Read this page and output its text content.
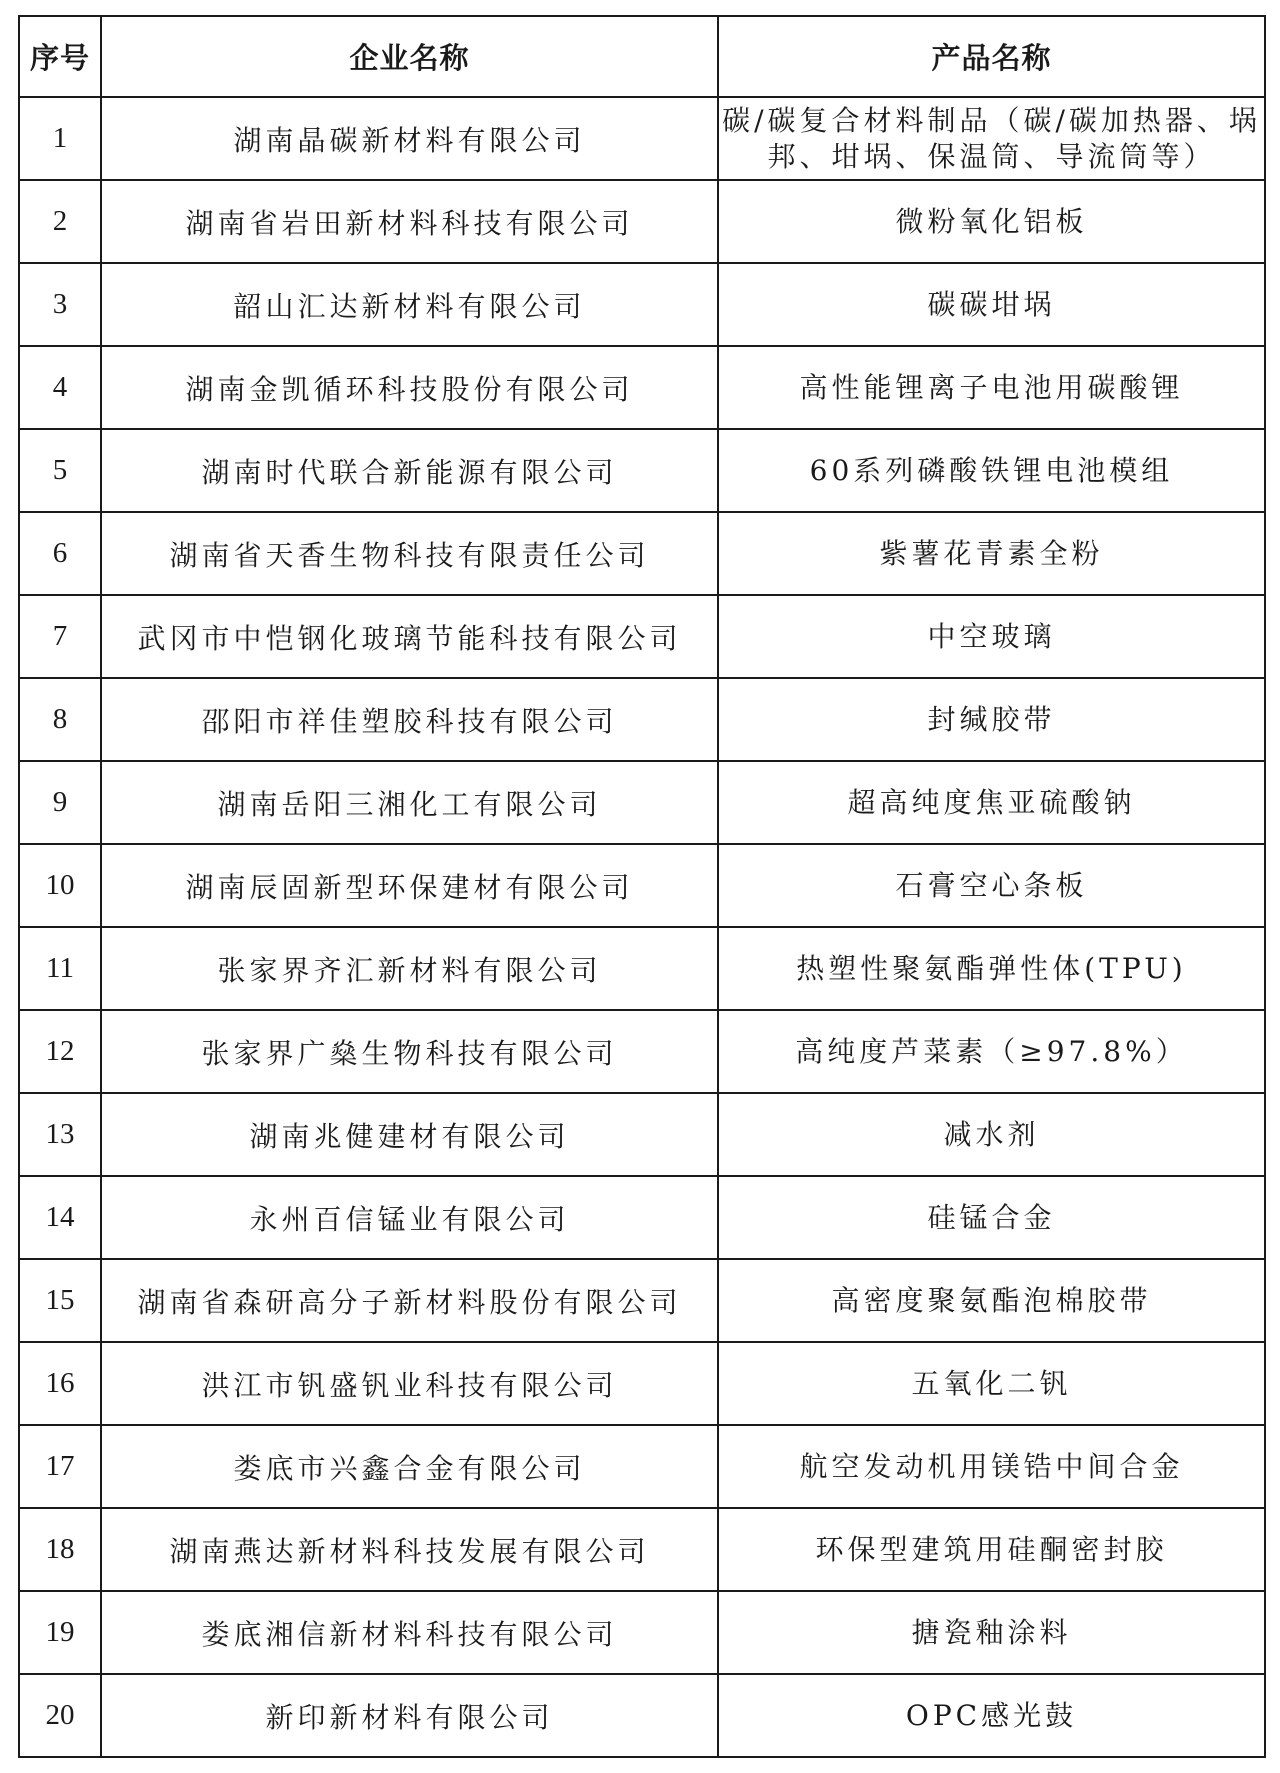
序号	企业名称	产品名称
1	湖南晶碳新材料有限公司	碳/碳复合材料制品（碳/碳加热器、埚邦、坩埚、保温筒、导流筒等）
2	湖南省岩田新材料科技有限公司	微粉氧化铝板
3	韶山汇达新材料有限公司	碳碳坩埚
4	湖南金凯循环科技股份有限公司	高性能锂离子电池用碳酸锂
5	湖南时代联合新能源有限公司	60系列磷酸铁锂电池模组
6	湖南省天香生物科技有限责任公司	紫薯花青素全粉
7	武冈市中恺钢化玻璃节能科技有限公司	中空玻璃
8	邵阳市祥佳塑胶科技有限公司	封缄胶带
9	湖南岳阳三湘化工有限公司	超高纯度焦亚硫酸钠
10	湖南辰固新型环保建材有限公司	石膏空心条板
11	张家界齐汇新材料有限公司	热塑性聚氨酯弹性体(TPU)
12	张家界广燊生物科技有限公司	高纯度芦菜素（≥97.8%）
13	湖南兆健建材有限公司	减水剂
14	永州百信锰业有限公司	硅锰合金
15	湖南省森研高分子新材料股份有限公司	高密度聚氨酯泡棉胶带
16	洪江市钒盛钒业科技有限公司	五氧化二钒
17	娄底市兴鑫合金有限公司	航空发动机用镁锆中间合金
18	湖南燕达新材料科技发展有限公司	环保型建筑用硅酮密封胶
19	娄底湘信新材料科技有限公司	搪瓷釉涂料
20	新印新材料有限公司	OPC感光鼓
